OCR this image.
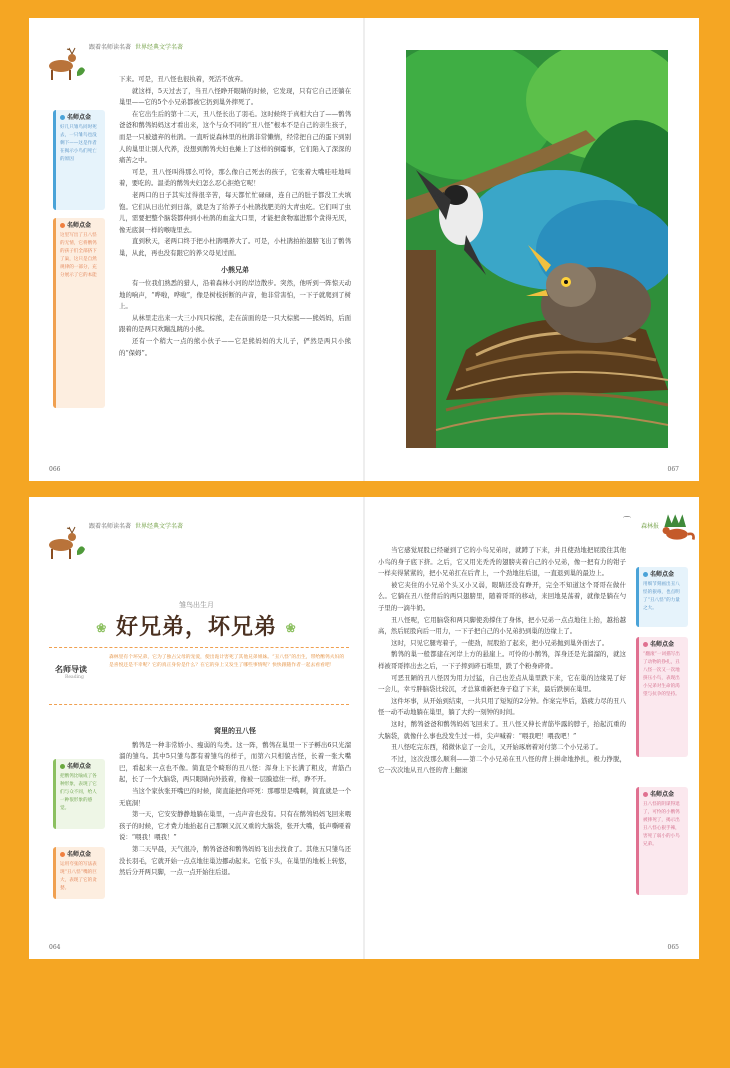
跟着名师读名著 世界经典文学名著
名师点金
好几只雏鸟同时死去，一只雏鸟也没剩下——这是作者在揭示小鸟们死亡的原因
名师点金
这里写出了丑八怪的无情，它将鹡鸰的孩子们全部挤下了巢，这只是自然规律的一部分，充分展示了它的本能

下来。可是，丑八怪也很执着，死活不放弃。

就这样，5天过去了，当丑八怪睁开眼睛的时候，它发现，只有它自己还躺在巢里——它的5个小兄弟都被它扔到巢外摔死了。

在它出生后的第十二天，丑八怪长出了羽毛。这时候终于真相大白了——鹡鸰爸爸和鹡鸰妈妈这才看出来，这个与众不同的“丑八怪”根本不是自己的亲生孩子，而是一只被遗弃的杜鹃。一直听说森林里的杜鹃非常懒惰，经常把自己的蛋下到别人的巢里让别人代养，没想到鹡鸰夫妇也摊上了这样的倒霉事，它们陷入了深深的痛苦之中。

可是，丑八怪叫得那么可怜，那么像自己死去的孩子，它张着大嘴哇哇地叫着，要吃的。温柔的鹡鸰夫妇怎么忍心拒绝它呢！

老两口的日子其实过得很辛苦，每天都忙忙碌碌，连自己的肚子都没工夫填饱。它们从日出忙到日落，就是为了给养子小杜鹃找肥美的大青虫吃。它们叫了虫儿，需要把整个脑袋都伸到小杜鹃的血盆大口里，才能把食物塞进那个贪得无厌，像无底洞一样的喉咙里去。

直到秋天，老两口终于把小杜鹃喂养大了。可是，小杜鹃拍拍翅膀飞出了鹡鸰巢，从此，再也没有跟它的养父母见过面。

小熊兄弟

有一位我们熟悉的猎人，沿着森林小河的岸边散步。突然，他听到一阵惊天动地的响声，“哗啦，哗啦”，像是树枝折断的声音，他非常害怕，一下子就爬到了树上。

从林里走出来一大三小四只棕熊，走在前面的是一只大棕熊——熊妈妈，后面跟着的是两只欢蹦乱跳的小熊。

还有一个稍大一点的熊小伙子——它是熊妈妈的大儿子，俨然是两只小熊的“保姆”。

066	067
跟着名师读名著 世界经典文学名著
雏鸟出生月
❀ 好兄弟，坏兄弟 ❀
名师导读
Reading
森林里有个坏兄弟，它为了独占父母的宠爱，使出诡计害死了其他兄弟姐妹。“丑八怪”的出生，带给鹡鸰夫妇的是喜悦还是不幸呢？它的真正身份是什么？在它的身上又发生了哪些事情呢？快快跟随作者一起去看看吧！
名师点金
把鹡鸰比喻成了各种形象，表现了它们与众不同，给人一种很形象的感觉。
名师点金
运用夸张的写法表现“丑八怪”嘴的巨大，表现了它的贪婪。

窝里的丑八怪

鹡鸰是一种非常娇小、瘦弱的鸟类。这一阵，鹡鸰在巢里一下子孵出6只光溜溜的雏鸟。其中5只雏鸟都有着雏鸟的样子，而第六只相貌古怪，长着一张大嘴巴，看起来一点也不像。简直是个畸形的丑八怪：浑身上下长满了粗皮，青筋凸起，长了一个大脑袋，两只眼睛向外鼓着，像被一层膜遮住一样，睁不开。

当这个家伙张开嘴巴的时候，简直能把你吓死：那哪里是嘴啊，简直就是一个无底洞！

第一天，它安安静静地躺在巢里，一点声音也没有。只有在鹡鸰妈妈飞回来喂孩子的时候，它才费力地抬起自己那颗又沉又重的大脑袋，张开大嘴，低声嘶哑着说：“喂我！喂我！”

第二天早晨，天气很冷，鹡鸰爸爸和鹡鸰妈妈飞出去找食了。其他五只雏鸟还没长羽毛，它就开始一点点地往巢边挪动起来。它低下头，在巢里的地板上转悠，然后分开两只脚，一点一点开始往后退。

064
⌒
森林报

当它感觉屁股已经碰到了它的小鸟兄弟时，就蹲了下来，并且使劲地把屁股往其他小鸟的身子底下挤。之后，它又用光秃秃的翅膀夹着自己的小兄弟，像一把有力的钳子一样夹得紧紧的，把小兄弟扛在后背上，一个劲地往后退，一直退到巢的最边上。

被它夹住的小兄弟个头又小又弱，眼睛还没有睁开，完全不知道这个哥哥在做什么。它躺在丑八怪背后的两只翅膀里，随着哥哥的移动，来回地晃荡着，就像是躺在勺子里的一滴牛奶。

丑八怪呢，它用脑袋和两只脚使劲撑住了身体，把小兄弟一点点地往上抬，越抬越高，然后屁股向后一用力，一下子把自己的小兄弟扔到巢的边缘上了。

这时，只见它腿弯着子，一使劲，屁股抬了起来，把小兄弟抛到巢外面去了。

鹡鸰的巢一般都建在河岸上方的悬崖上。可怜的小鹡鸰，浑身还是光溜溜的，就这样被哥哥摔出去之后，一下子摔到碎石堆里，跌了个粉身碎骨。

可恶丑陋的丑八怪因为用力过猛，自己也差点从巢里跌下来，它在巢的边缘晃了好一会儿，幸亏胖脑袋比较沉，才总算重新把身子稳了下来，最后跌倒在巢里。

这件坏事，从开始到结束，一共只用了短短的2分钟。作案完毕后，筋疲力尽的丑八怪一动不动地躺在巢里，躺了大约一刻钟的时间。

这时，鹡鸰爸爸和鹡鸰妈妈飞回来了。丑八怪又伸长青筋毕露的脖子，抬起沉重的大脑袋，就像什么事也没发生过一样，尖声喊着：“喂我吧！喂我吧！”

丑八怪吃完东西，稍微休息了一会儿，又开始琢磨着对付第二个小兄弟了。

不过，这次没那么顺利——第二个小兄弟在丑八怪的背上拼命地挣扎，极力挣脱，它一次次地从丑八怪的背上翻滚

名师点金
用细节刻画出丑八怪的狠毒，也点明了“丑八怪”的力量之大。
名师点金
“翻滚”一词描写出了动物的挣扎，丑八怪一次又一次地挤压小鸟，表现出小兄弟对生命的渴望与抗争的坚持。
名师点金
丑八怪的阴谋得逞了，可怜的小鹡鸰被摔死了，揭示出丑八怪心狠手辣，害死了弱小的小鸟兄弟。
065
